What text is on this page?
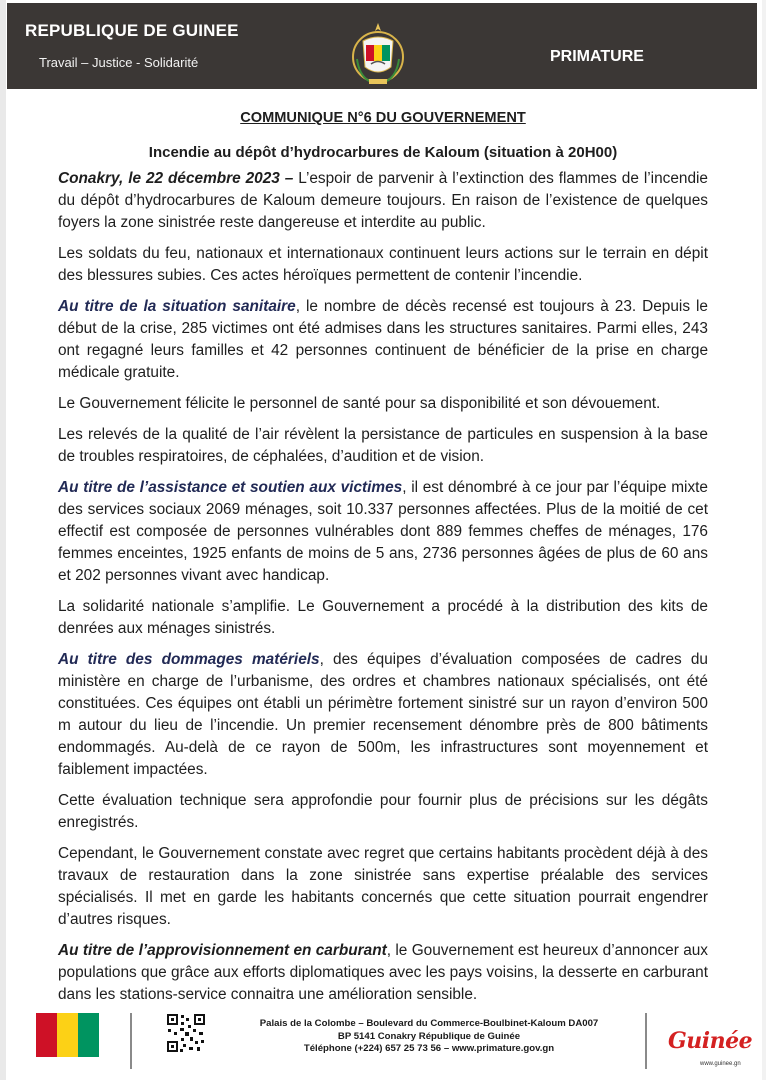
REPUBLIQUE DE GUINEE
Travail – Justice - Solidarité	PRIMATURE
COMMUNIQUE N°6 DU GOUVERNEMENT
Incendie au dépôt d’hydrocarbures de Kaloum (situation à 20H00)

Conakry, le 22 décembre 2023 – L’espoir de parvenir à l’extinction des flammes de l’incendie du dépôt d’hydrocarbures de Kaloum demeure toujours. En raison de l’existence de quelques foyers la zone sinistrée reste dangereuse et interdite au public.

Les soldats du feu, nationaux et internationaux continuent leurs actions sur le terrain en dépit des blessures subies. Ces actes héroïques permettent de contenir l’incendie.

Au titre de la situation sanitaire, le nombre de décès recensé est toujours à 23. Depuis le début de la crise, 285 victimes ont été admises dans les structures sanitaires. Parmi elles, 243 ont regagné leurs familles et 42 personnes continuent de bénéficier de la prise en charge médicale gratuite.

Le Gouvernement félicite le personnel de santé pour sa disponibilité et son dévouement.

Les relevés de la qualité de l’air révèlent la persistance de particules en suspension à la base de troubles respiratoires, de céphalées, d’audition et de vision.

Au titre de l’assistance et soutien aux victimes, il est dénombré à ce jour par l’équipe mixte des services sociaux 2069 ménages, soit 10.337 personnes affectées. Plus de la moitié de cet effectif est composée de personnes vulnérables dont 889 femmes cheffes de ménages, 176 femmes enceintes, 1925 enfants de moins de 5 ans, 2736 personnes âgées de plus de 60 ans et 202 personnes vivant avec handicap.

La solidarité nationale s’amplifie. Le Gouvernement a procédé à la distribution des kits de denrées aux ménages sinistrés.

Au titre des dommages matériels, des équipes d’évaluation composées de cadres du ministère en charge de l’urbanisme, des ordres et chambres nationaux spécialisés, ont été constituées. Ces équipes ont établi un périmètre fortement sinistré sur un rayon d’environ 500 m autour du lieu de l’incendie. Un premier recensement dénombre près de 800 bâtiments endommagés. Au-delà de ce rayon de 500m, les infrastructures sont moyennement et faiblement impactées.

Cette évaluation technique sera approfondie pour fournir plus de précisions sur les dégâts enregistrés.

Cependant, le Gouvernement constate avec regret que certains habitants procèdent déjà à des travaux de restauration dans la zone sinistrée sans expertise préalable des services spécialisés. Il met en garde les habitants concernés que cette situation pourrait engendrer d’autres risques.

Au titre de l’approvisionnement en carburant, le Gouvernement est heureux d’annoncer aux populations que grâce aux efforts diplomatiques avec les pays voisins, la desserte en carburant dans les stations-service connaitra une amélioration sensible.

Palais de la Colombe – Boulevard du Commerce-Boulbinet-Kaloum DA007
BP 5141 Conakry République de Guinée
Téléphone (+224) 657 25 73 56 – www.primature.gov.gn	Guinée
www.guinee.gn
